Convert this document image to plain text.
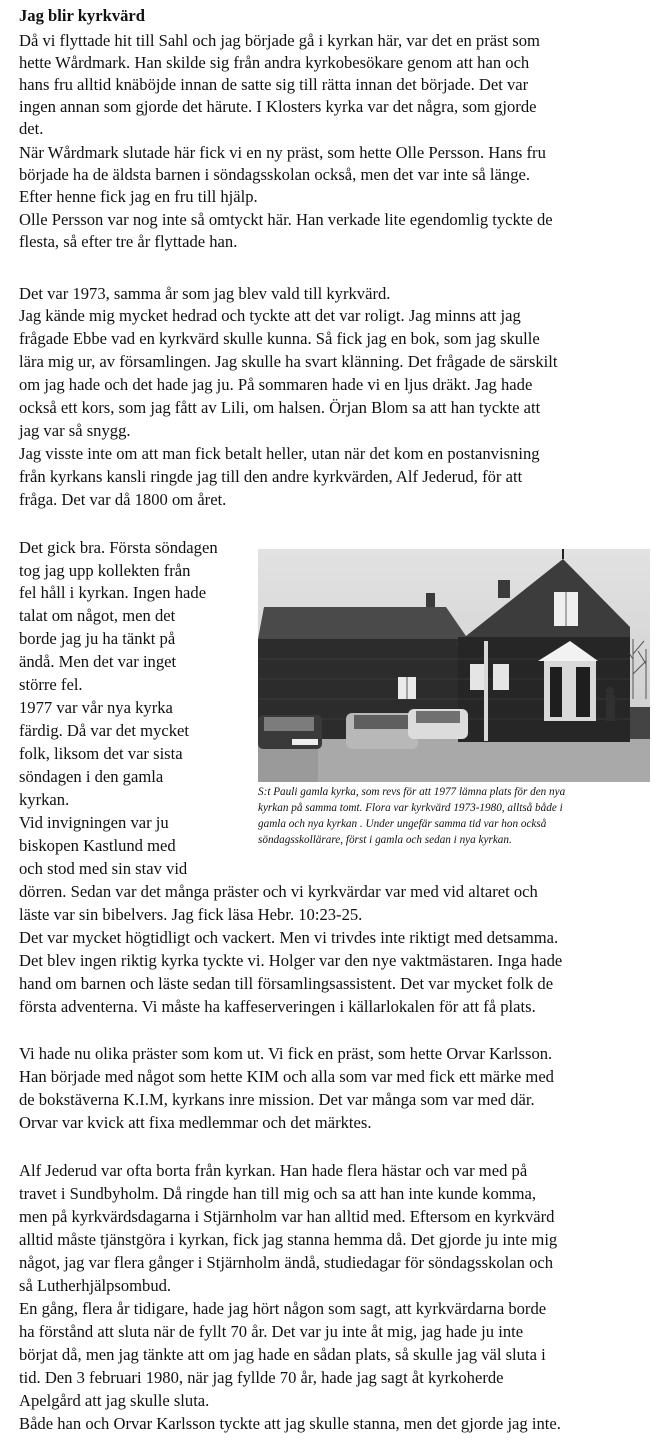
Jag blir kyrkvärd
Då vi flyttade hit till Sahl och jag började gå i kyrkan här, var det en präst som
hette Wårdmark. Han skilde sig från andra kyrkobesökare genom att han och
hans fru alltid knäböjde innan de satte sig till rätta innan det började. Det var
ingen annan som gjorde det härute. I Klosters kyrka var det några, som gjorde
det.
När Wårdmark slutade här fick vi en ny präst, som hette Olle Persson. Hans fru
började ha de äldsta barnen i söndagsskolan också, men det var inte så länge.
Efter henne fick jag en fru till hjälp.
Olle Persson var nog inte så omtyckt här. Han verkade lite egendomlig tyckte de
flesta, så efter tre år flyttade han.
Det var 1973, samma år som jag blev vald till kyrkvärd.
Jag kände mig mycket hedrad och tyckte att det var roligt. Jag minns att jag
frågade Ebbe vad en kyrkvärd skulle kunna. Så fick jag en bok, som jag skulle
lära mig ur, av församlingen. Jag skulle ha svart klänning. Det frågade de särskilt
om jag hade och det hade jag ju. På sommaren hade vi en ljus dräkt. Jag hade
också ett kors, som jag fått av Lili, om halsen. Örjan Blom sa att han tyckte att
jag var så snygg.
Jag visste inte om att man fick betalt heller, utan när det kom en postanvisning
från kyrkans kansli ringde jag till den andre kyrkvärden, Alf Jederud, för att
fråga. Det var då 1800 om året.
Det gick bra. Första söndagen
tog jag upp kollekten från
fel håll i kyrkan. Ingen hade
talat om något, men det
borde jag ju ha tänkt på
ändå. Men det var inget
större fel.
1977 var vår nya kyrka
färdig. Då var det mycket
folk, liksom det var sista
söndagen i den gamla
kyrkan.
Vid invigningen var ju
biskopen Kastlund med
och stod med sin stav vid
S:t Pauli gamla kyrka, som revs för att 1977 lämna plats för den nya
kyrkan på samma tomt. Flora var kyrkvärd 1973-1980, alltså både i
gamla och nya kyrkan . Under ungefär samma tid var hon också
söndagsskollärare, först i gamla och sedan i nya kyrkan.
dörren. Sedan var det många präster och vi kyrkvärdar var med vid altaret och
läste var sin bibelvers. Jag fick läsa Hebr. 10:23-25.
Det var mycket högtidligt och vackert. Men vi trivdes inte riktigt med detsamma.
Det blev ingen riktig kyrka tyckte vi. Holger var den nye vaktmästaren. Inga hade
hand om barnen och läste sedan till församlingsassistent. Det var mycket folk de
första adventerna. Vi måste ha kaffeserveringen i källarlokalen för att få plats.
Vi hade nu olika präster som kom ut. Vi fick en präst, som hette Orvar Karlsson.
Han började med något som hette KIM och alla som var med fick ett märke med
de bokstäverna K.I.M, kyrkans inre mission. Det var många som var med där.
Orvar var kvick att fixa medlemmar och det märktes.
Alf Jederud var ofta borta från kyrkan. Han hade flera hästar och var med på
travet i Sundbyholm. Då ringde han till mig och sa att han inte kunde komma,
men på kyrkvärdsdagarna i Stjärnholm var han alltid med. Eftersom en kyrkvärd
alltid måste tjänstgöra i kyrkan, fick jag stanna hemma då. Det gjorde ju inte mig
något, jag var flera gånger i Stjärnholm ändå, studiedagar för söndagsskolan och
så Lutherhjälpsombud.
En gång, flera år tidigare, hade jag hört någon som sagt, att kyrkvärdarna borde
ha förstånd att sluta när de fyllt 70 år. Det var ju inte åt mig, jag hade ju inte
börjat då, men jag tänkte att om jag hade en sådan plats, så skulle jag väl sluta i
tid. Den 3 februari 1980, när jag fyllde 70 år, hade jag sagt åt kyrkoherde
Apelgård att jag skulle sluta.
Både han och Orvar Karlsson tyckte att jag skulle stanna, men det gjorde jag inte.
